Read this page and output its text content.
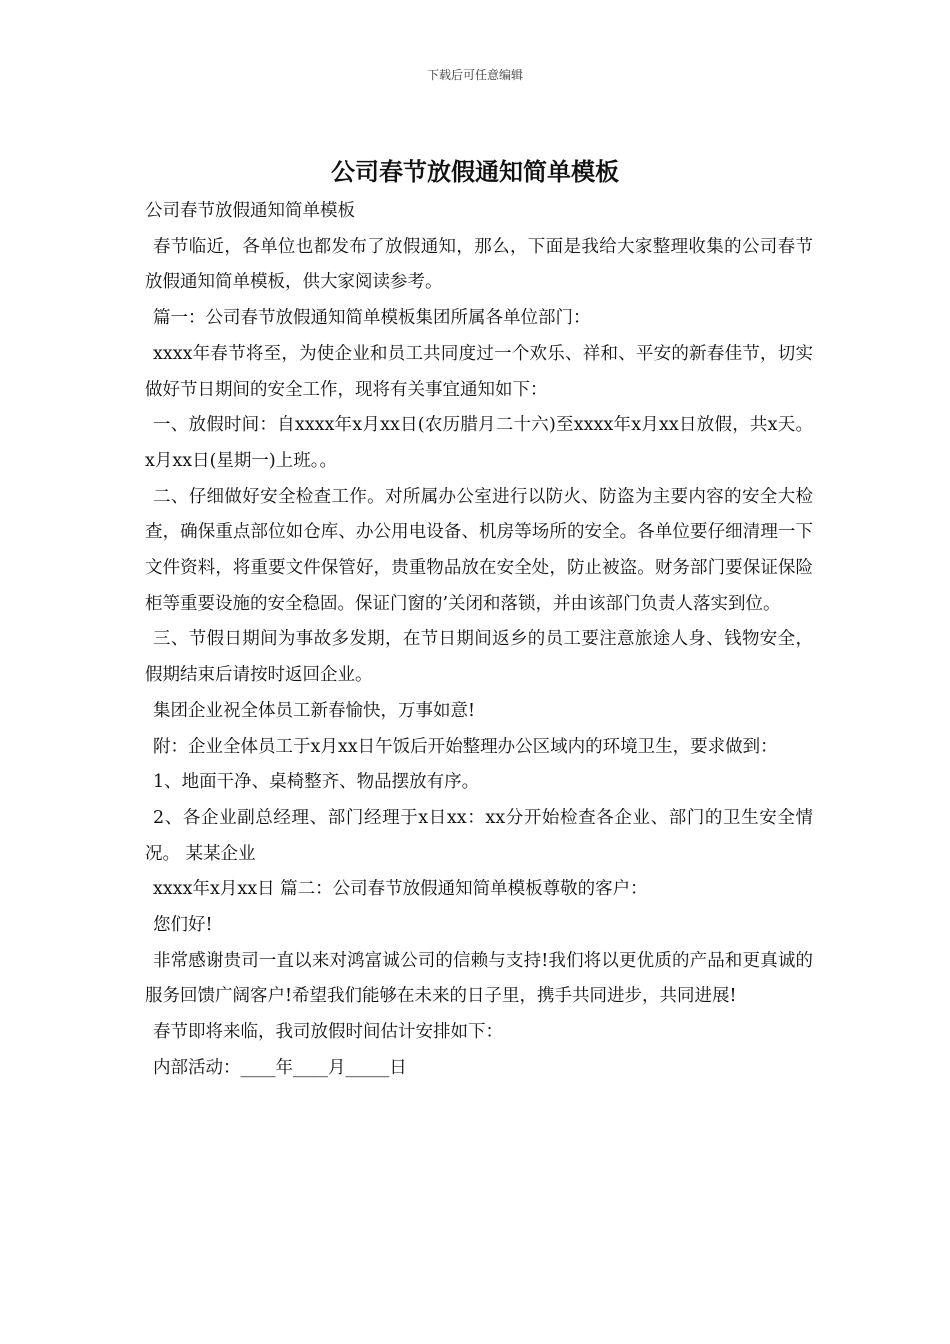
下载后可任意编辑
公司春节放假通知简单模板

公司春节放假通知简单模板

春节临近，各单位也都发布了放假通知，那么，下面是我给大家整理收集的公司春节放假通知简单模板，供大家阅读参考。

篇一：公司春节放假通知简单模板集团所属各单位部门：

xxxx年春节将至，为使企业和员工共同度过一个欢乐、祥和、平安的新春佳节，切实做好节日期间的安全工作，现将有关事宜通知如下：

一、放假时间：自xxxx年x月xx日(农历腊月二十六)至xxxx年x月xx日放假，共x天。x月xx日(星期一)上班。。

二、仔细做好安全检查工作。对所属办公室进行以防火、防盗为主要内容的安全大检查，确保重点部位如仓库、办公用电设备、机房等场所的安全。各单位要仔细清理一下文件资料，将重要文件保管好，贵重物品放在安全处，防止被盗。财务部门要保证保险柜等重要设施的安全稳固。保证门窗的’关闭和落锁，并由该部门负责人落实到位。

三、节假日期间为事故多发期，在节日期间返乡的员工要注意旅途人身、钱物安全，假期结束后请按时返回企业。

集团企业祝全体员工新春愉快，万事如意!

附：企业全体员工于x月xx日午饭后开始整理办公区域内的环境卫生，要求做到：

1、地面干净、桌椅整齐、物品摆放有序。

2、各企业副总经理、部门经理于x日xx：xx分开始检查各企业、部门的卫生安全情况。 某某企业

xxxx年x月xx日 篇二：公司春节放假通知简单模板尊敬的客户：

您们好!

非常感谢贵司一直以来对鸿富诚公司的信赖与支持!我们将以更优质的产品和更真诚的服务回馈广阔客户!希望我们能够在未来的日子里，携手共同进步，共同进展!

春节即将来临，我司放假时间估计安排如下：

内部活动：____年____月_____日
